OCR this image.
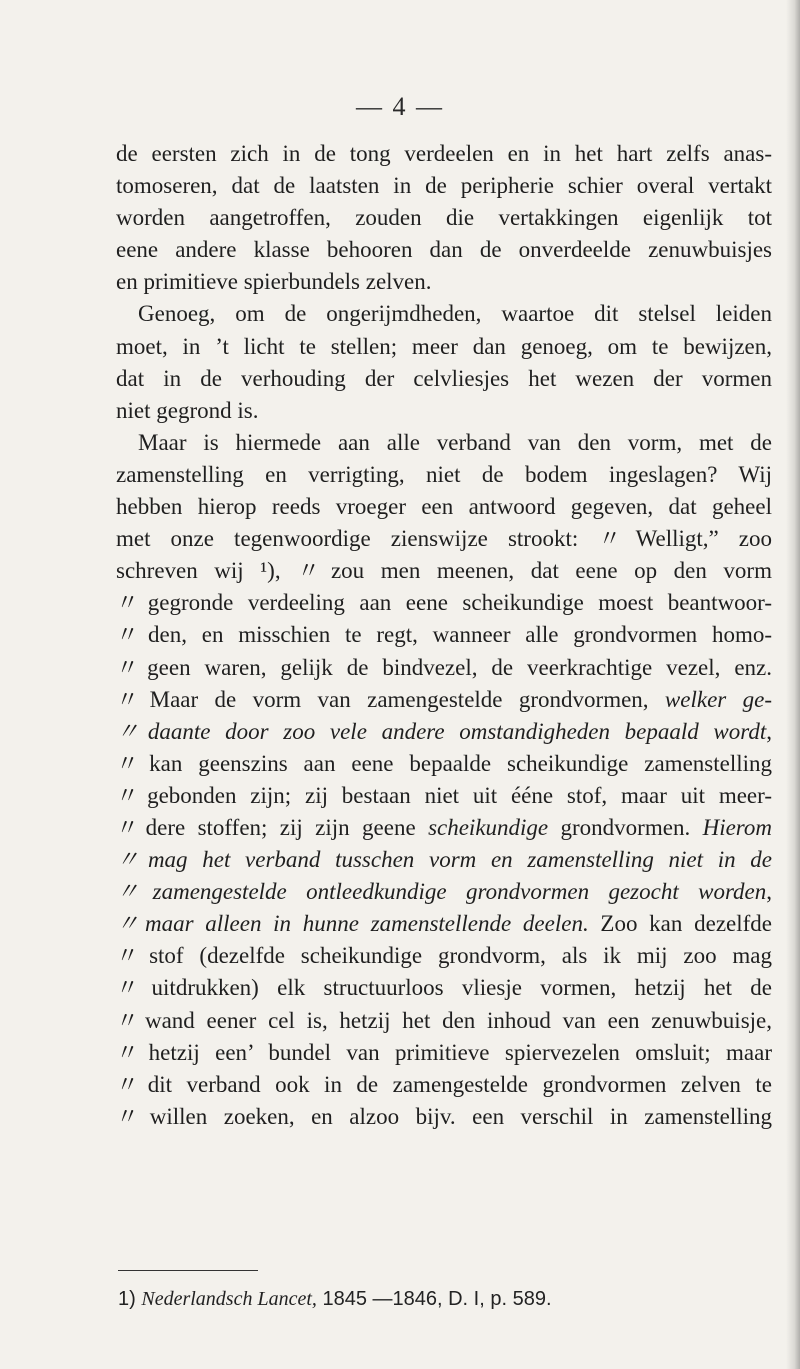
— 4 —
de eersten zich in de tong verdeelen en in het hart zelfs anas-
tomoseren, dat de laatsten in de peripherie schier overal vertakt
worden aangetroffen, zouden die vertakkingen eigenlijk tot
eene andere klasse behooren dan de onverdeelde zenuwbuisjes
en primitieve spierbundels zelven.
Genoeg, om de ongerijmdheden, waartoe dit stelsel leiden
moet, in ’t licht te stellen; meer dan genoeg, om te bewijzen,
dat in de verhouding der celvliesjes het wezen der vormen
niet gegrond is.
Maar is hiermede aan alle verband van den vorm, met de
zamenstelling en verrigting, niet de bodem ingeslagen? Wij
hebben hierop reeds vroeger een antwoord gegeven, dat geheel
met onze tegenwoordige zienswijze strookt: 〃Welligt,” zoo
schreven wij ¹), 〃zou men meenen, dat eene op den vorm
〃gegronde verdeeling aan eene scheikundige moest beantwoor-
〃den, en misschien te regt, wanneer alle grondvormen homo-
〃geen waren, gelijk de bindvezel, de veerkrachtige vezel, enz.
〃Maar de vorm van zamengestelde grondvormen, welker ge-
〃daante door zoo vele andere omstandigheden bepaald wordt,
〃kan geenszins aan eene bepaalde scheikundige zamenstelling
〃gebonden zijn; zij bestaan niet uit ééne stof, maar uit meer-
〃dere stoffen; zij zijn geene scheikundige grondvormen. Hierom
〃mag het verband tusschen vorm en zamenstelling niet in de
〃zamengestelde ontleedkundige grondvormen gezocht worden,
〃maar alleen in hunne zamenstellende deelen. Zoo kan dezelfde
〃stof (dezelfde scheikundige grondvorm, als ik mij zoo mag
〃uitdrukken) elk structuurloos vliesje vormen, hetzij het de
〃wand eener cel is, hetzij het den inhoud van een zenuwbuisje,
〃hetzij een’ bundel van primitieve spiervezelen omsluit; maar
〃dit verband ook in de zamengestelde grondvormen zelven te
〃willen zoeken, en alzoo bijv. een verschil in zamenstelling
1) Nederlandsch Lancet, 1845 —1846, D. I, p. 589.
